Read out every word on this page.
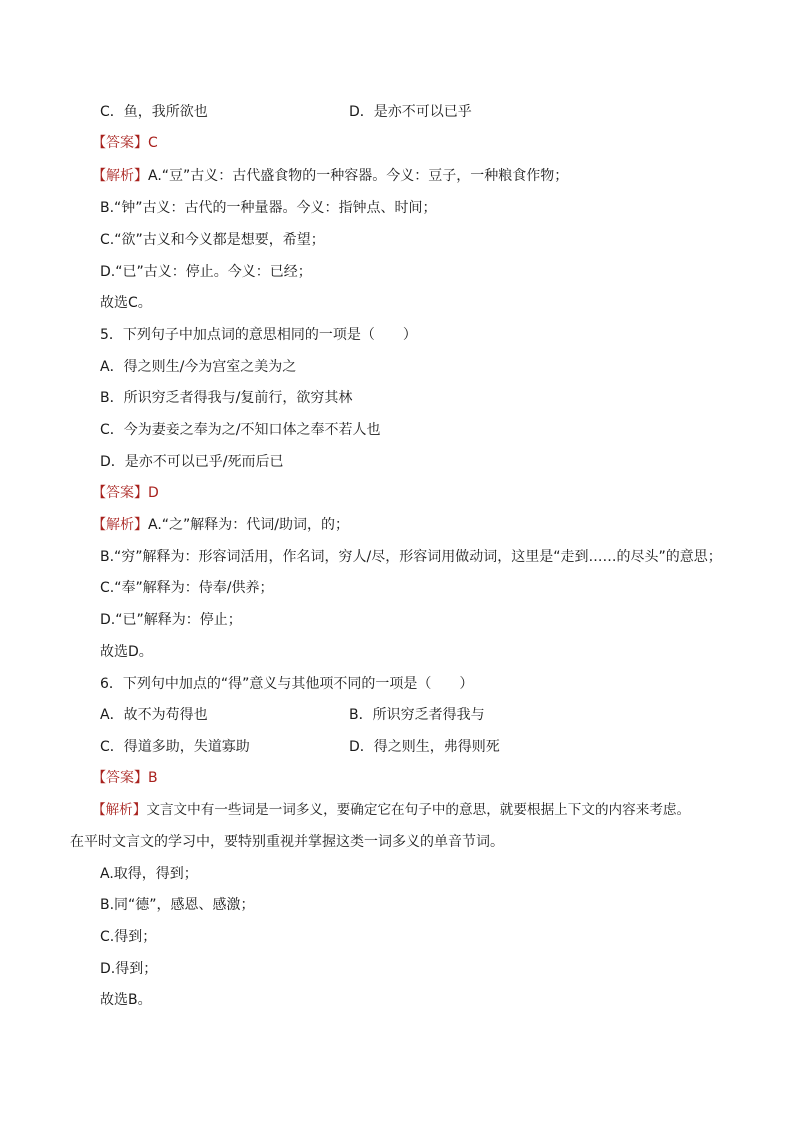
C．鱼，我所欲也	D．是亦不可以已乎
【答案】C
【解析】A.“豆”古义：古代盛食物的一种容器。今义：豆子，一种粮食作物；
B.“钟”古义：古代的一种量器。今义：指钟点、时间；
C.“欲”古义和今义都是想要，希望；
D.“已”古义：停止。今义：已经；
故选C。
5．下列句子中加点词的意思相同的一项是（　　）
A．得之则生/今为宫室之美为之
B．所识穷乏者得我与/复前行，欲穷其林
C．今为妻妾之奉为之/不知口体之奉不若人也
D．是亦不可以已乎/死而后已
【答案】D
【解析】A.“之”解释为：代词/助词，的；
B.“穷”解释为：形容词活用，作名词，穷人/尽，形容词用做动词，这里是“走到……的尽头”的意思；
C.“奉”解释为：侍奉/供养；
D.“已”解释为：停止；
故选D。
6．下列句中加点的“得”意义与其他项不同的一项是（　　）
A．故不为苟得也	B．所识穷乏者得我与
C．得道多助，失道寡助	D．得之则生，弗得则死
【答案】B
【解析】文言文中有一些词是一词多义，要确定它在句子中的意思，就要根据上下文的内容来考虑。
在平时文言文的学习中，要特别重视并掌握这类一词多义的单音节词。
A.取得，得到；
B.同“德”，感恩、感激；
C.得到；
D.得到；
故选B。
